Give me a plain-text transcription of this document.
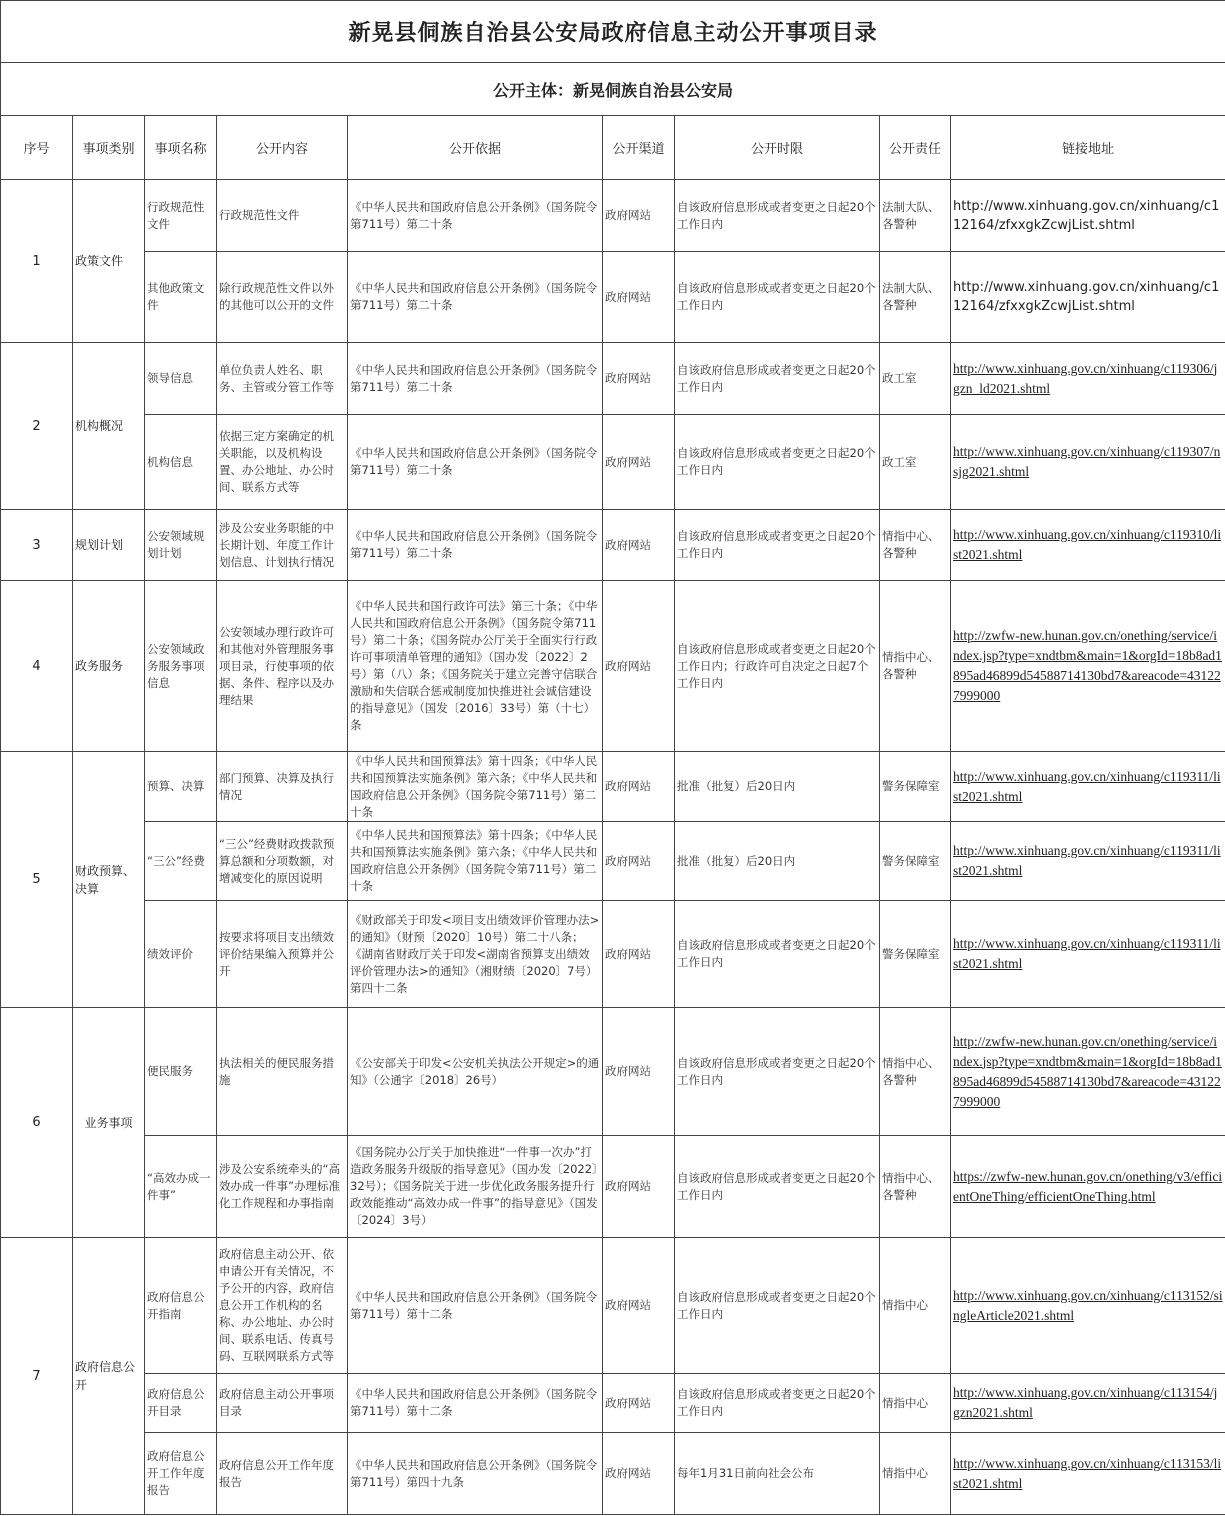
新晃县侗族自治县公安局政府信息主动公开事项目录								
公开主体：新晃侗族自治县公安局								
序号	事项类别	事项名称	公开内容	公开依据	公开渠道	公开时限	公开责任	链接地址
1	政策文件	行政规范性文件	行政规范性文件	《中华人民共和国政府信息公开条例》（国务院令第711号）第二十条	政府网站	自该政府信息形成或者变更之日起20个工作日内	法制大队、各警种	http://www.xinhuang.gov.cn/xinhuang/c112164/zfxxgkZcwjList.shtml
		其他政策文件	除行政规范性文件以外的其他可以公开的文件	《中华人民共和国政府信息公开条例》（国务院令第711号）第二十条	政府网站	自该政府信息形成或者变更之日起20个工作日内	法制大队、各警种	http://www.xinhuang.gov.cn/xinhuang/c112164/zfxxgkZcwjList.shtml
2	机构概况	领导信息	单位负责人姓名、职务、主管或分管工作等	《中华人民共和国政府信息公开条例》（国务院令第711号）第二十条	政府网站	自该政府信息形成或者变更之日起20个工作日内	政工室	http://www.xinhuang.gov.cn/xinhuang/c119306/jgzn_ld2021.shtml
		机构信息	依据三定方案确定的机关职能，以及机构设置、办公地址、办公时间、联系方式等	《中华人民共和国政府信息公开条例》（国务院令第711号）第二十条	政府网站	自该政府信息形成或者变更之日起20个工作日内	政工室	http://www.xinhuang.gov.cn/xinhuang/c119307/nsjg2021.shtml
3	规划计划	公安领域规划计划	涉及公安业务职能的中长期计划、年度工作计划信息、计划执行情况	《中华人民共和国政府信息公开条例》（国务院令第711号）第二十条	政府网站	自该政府信息形成或者变更之日起20个工作日内	情指中心、各警种	http://www.xinhuang.gov.cn/xinhuang/c119310/list2021.shtml
4	政务服务	公安领域政务服务事项信息	公安领域办理行政许可和其他对外管理服务事项目录，行使事项的依据、条件、程序以及办理结果	《中华人民共和国行政许可法》第三十条；《中华人民共和国政府信息公开条例》（国务院令第711号）第二十条；《国务院办公厅关于全面实行行政许可事项清单管理的通知》（国办发〔2022〕2号）第（八）条；《国务院关于建立完善守信联合激励和失信联合惩戒制度加快推进社会诚信建设的指导意见》（国发〔2016〕33号）第（十七）条	政府网站	自该政府信息形成或者变更之日起20个工作日内；行政许可自决定之日起7个工作日内	情指中心、各警种	http://zwfw-new.hunan.gov.cn/onething/service/index.jsp?type=xndtbm&main=1&orgId=18b8ad1895ad46899d54588714130bd7&areacode=431227999000
5	财政预算、决算	预算、决算	部门预算、决算及执行情况	《中华人民共和国预算法》第十四条；《中华人民共和国预算法实施条例》第六条；《中华人民共和国政府信息公开条例》（国务院令第711号）第二十条	政府网站	批准（批复）后20日内	警务保障室	http://www.xinhuang.gov.cn/xinhuang/c119311/list2021.shtml
		“三公”经费	“三公”经费财政拨款预算总额和分项数额，对增减变化的原因说明	《中华人民共和国预算法》第十四条；《中华人民共和国预算法实施条例》第六条；《中华人民共和国政府信息公开条例》（国务院令第711号）第二十条	政府网站	批准（批复）后20日内	警务保障室	http://www.xinhuang.gov.cn/xinhuang/c119311/list2021.shtml
		绩效评价	按要求将项目支出绩效评价结果编入预算并公开	《财政部关于印发<项目支出绩效评价管理办法>的通知》（财预〔2020〕10号）第二十八条；《湖南省财政厅关于印发<湖南省预算支出绩效评价管理办法>的通知》（湘财绩〔2020〕7号）第四十二条	政府网站	自该政府信息形成或者变更之日起20个工作日内	警务保障室	http://www.xinhuang.gov.cn/xinhuang/c119311/list2021.shtml
6	业务事项	便民服务	执法相关的便民服务措施	《公安部关于印发<公安机关执法公开规定>的通知》（公通字〔2018〕26号）	政府网站	自该政府信息形成或者变更之日起20个工作日内	情指中心、各警种	http://zwfw-new.hunan.gov.cn/onething/service/index.jsp?type=xndtbm&main=1&orgId=18b8ad1895ad46899d54588714130bd7&areacode=431227999000
		“高效办成一件事”	涉及公安系统牵头的“高效办成一件事”办理标准化工作规程和办事指南	《国务院办公厅关于加快推进“一件事一次办”打造政务服务升级版的指导意见》（国办发〔2022〕32号）；《国务院关于进一步优化政务服务提升行政效能推动“高效办成一件事”的指导意见》（国发〔2024〕3号）	政府网站	自该政府信息形成或者变更之日起20个工作日内	情指中心、各警种	https://zwfw-new.hunan.gov.cn/onething/v3/efficientOneThing/efficientOneThing.html
7	政府信息公开	政府信息公开指南	政府信息主动公开、依申请公开有关情况，不予公开的内容，政府信息公开工作机构的名称、办公地址、办公时间、联系电话、传真号码、互联网联系方式等	《中华人民共和国政府信息公开条例》（国务院令第711号）第十二条	政府网站	自该政府信息形成或者变更之日起20个工作日内	情指中心	http://www.xinhuang.gov.cn/xinhuang/c113152/singleArticle2021.shtml
		政府信息公开目录	政府信息主动公开事项目录	《中华人民共和国政府信息公开条例》（国务院令第711号）第十二条	政府网站	自该政府信息形成或者变更之日起20个工作日内	情指中心	http://www.xinhuang.gov.cn/xinhuang/c113154/jgzn2021.shtml
		政府信息公开工作年度报告	政府信息公开工作年度报告	《中华人民共和国政府信息公开条例》（国务院令第711号）第四十九条	政府网站	每年1月31日前向社会公布	情指中心	http://www.xinhuang.gov.cn/xinhuang/c113153/list2021.shtml
